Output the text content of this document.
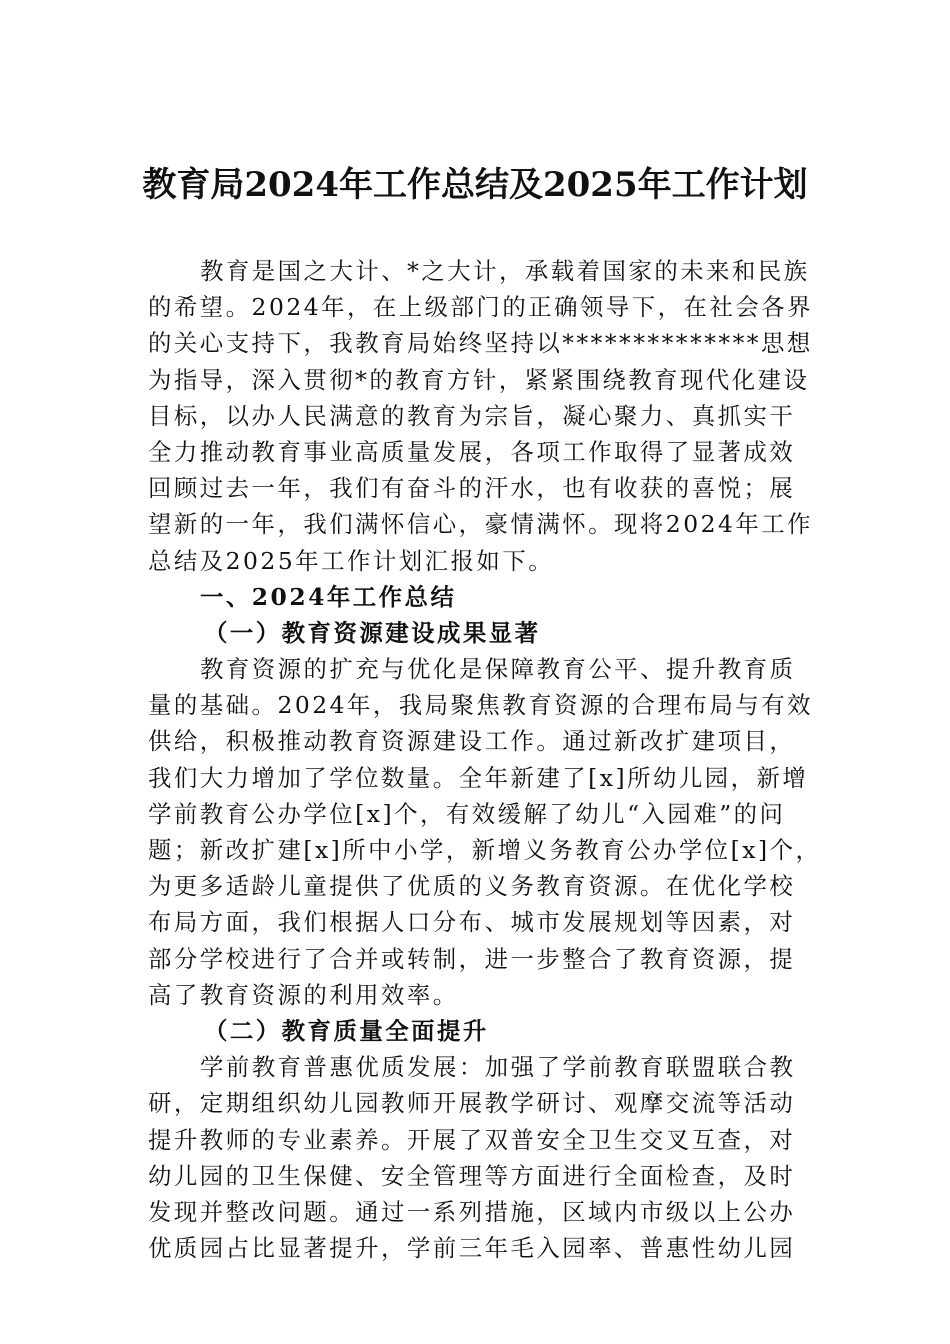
教育局2024年工作总结及2025年工作计划
教育是国之大计、*之大计，承载着国家的未来和民族
的希望。2024年，在上级部门的正确领导下，在社会各界
的关心支持下，我教育局始终坚持以**************思想
为指导，深入贯彻*的教育方针，紧紧围绕教育现代化建设
目标，以办人民满意的教育为宗旨，凝心聚力、真抓实干
全力推动教育事业高质量发展，各项工作取得了显著成效
回顾过去一年，我们有奋斗的汗水，也有收获的喜悦；展
望新的一年，我们满怀信心，豪情满怀。现将2024年工作
总结及2025年工作计划汇报如下。
一、2024年工作总结
（一）教育资源建设成果显著
教育资源的扩充与优化是保障教育公平、提升教育质
量的基础。2024年，我局聚焦教育资源的合理布局与有效
供给，积极推动教育资源建设工作。通过新改扩建项目，
我们大力增加了学位数量。全年新建了[x]所幼儿园，新增
学前教育公办学位[x]个，有效缓解了幼儿“入园难”的问
题；新改扩建[x]所中小学，新增义务教育公办学位[x]个，
为更多适龄儿童提供了优质的义务教育资源。在优化学校
布局方面，我们根据人口分布、城市发展规划等因素，对
部分学校进行了合并或转制，进一步整合了教育资源，提
高了教育资源的利用效率。
（二）教育质量全面提升
学前教育普惠优质发展：加强了学前教育联盟联合教
研，定期组织幼儿园教师开展教学研讨、观摩交流等活动
提升教师的专业素养。开展了双普安全卫生交叉互查，对
幼儿园的卫生保健、安全管理等方面进行全面检查，及时
发现并整改问题。通过一系列措施，区域内市级以上公办
优质园占比显著提升，学前三年毛入园率、普惠性幼儿园
